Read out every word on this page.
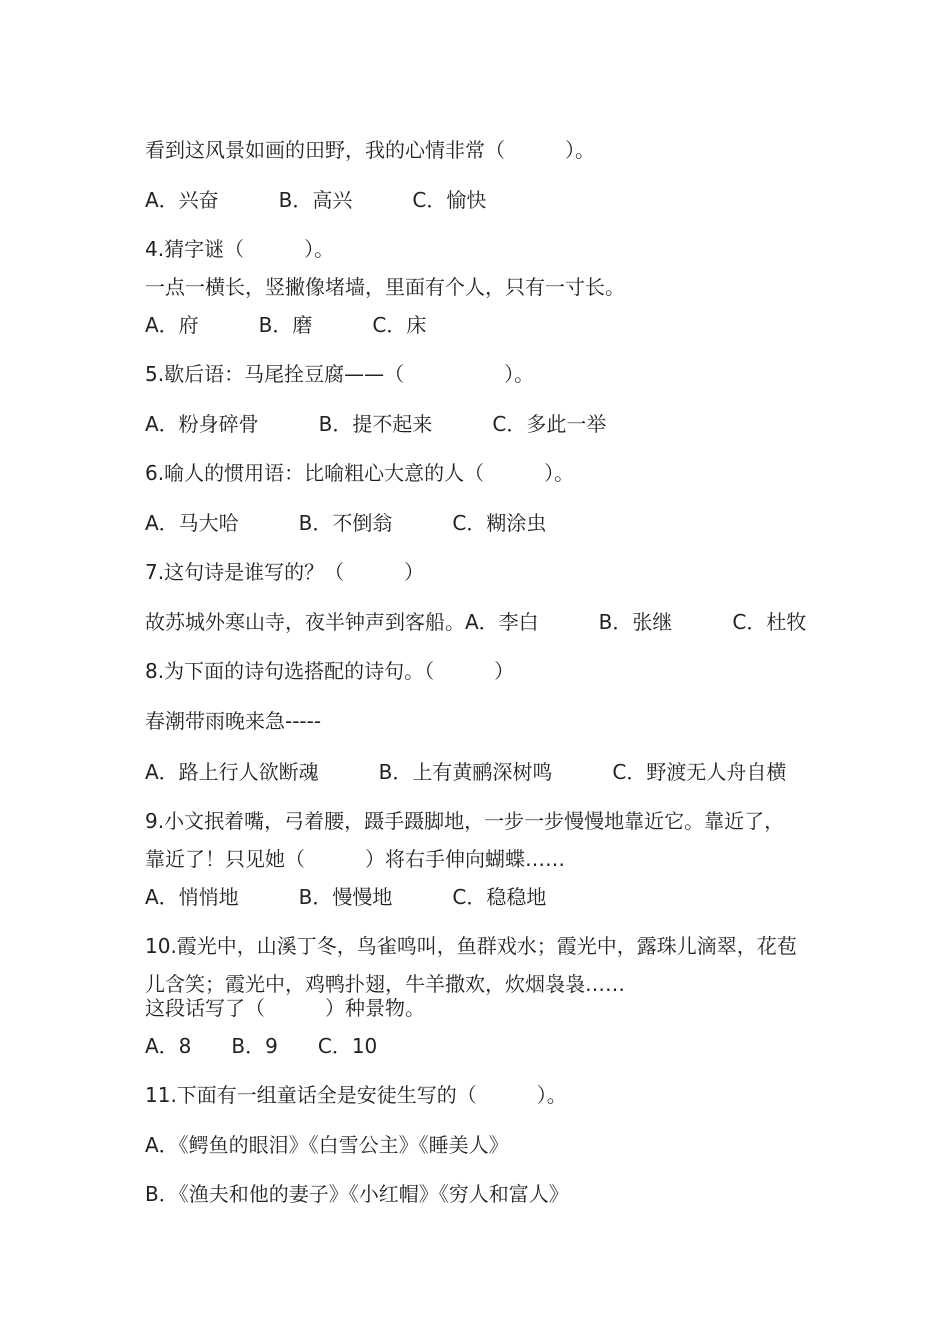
看到这风景如画的田野，我的心情非常（　　　）。
A．兴奋　　　B．高兴　　　C．愉快
4.猜字谜（　　　）。
一点一横长，竖撇像堵墙，里面有个人，只有一寸长。
A．府　　　B．磨　　　C．床
5.歇后语：马尾拴豆腐——（　　　　　）。
A．粉身碎骨　　　B．提不起来　　　C．多此一举
6.喻人的惯用语：比喻粗心大意的人（　　　）。
A．马大哈　　　B．不倒翁　　　C．糊涂虫
7.这句诗是谁写的？（　　　）
故苏城外寒山寺，夜半钟声到客船。A．李白　　　B．张继　　　C．杜牧
8.为下面的诗句选搭配的诗句。（　　　）
春潮带雨晚来急-----
A．路上行人欲断魂　　　B．上有黄鹂深树鸣　　　C．野渡无人舟自横
9.小文抿着嘴，弓着腰，蹑手蹑脚地，一步一步慢慢地靠近它。靠近了，
靠近了！只见她（　　　）将右手伸向蝴蝶……
A．悄悄地　　　B．慢慢地　　　C．稳稳地
10.霞光中，山溪丁冬，鸟雀鸣叫，鱼群戏水；霞光中，露珠儿滴翠，花苞
儿含笑；霞光中，鸡鸭扑翅，牛羊撒欢，炊烟袅袅……
这段话写了（　　　）种景物。
A．8　　B．9　　C．10
11.下面有一组童话全是安徒生写的（　　　）。
A．《鳄鱼的眼泪》《白雪公主》《睡美人》
B．《渔夫和他的妻子》《小红帽》《穷人和富人》
